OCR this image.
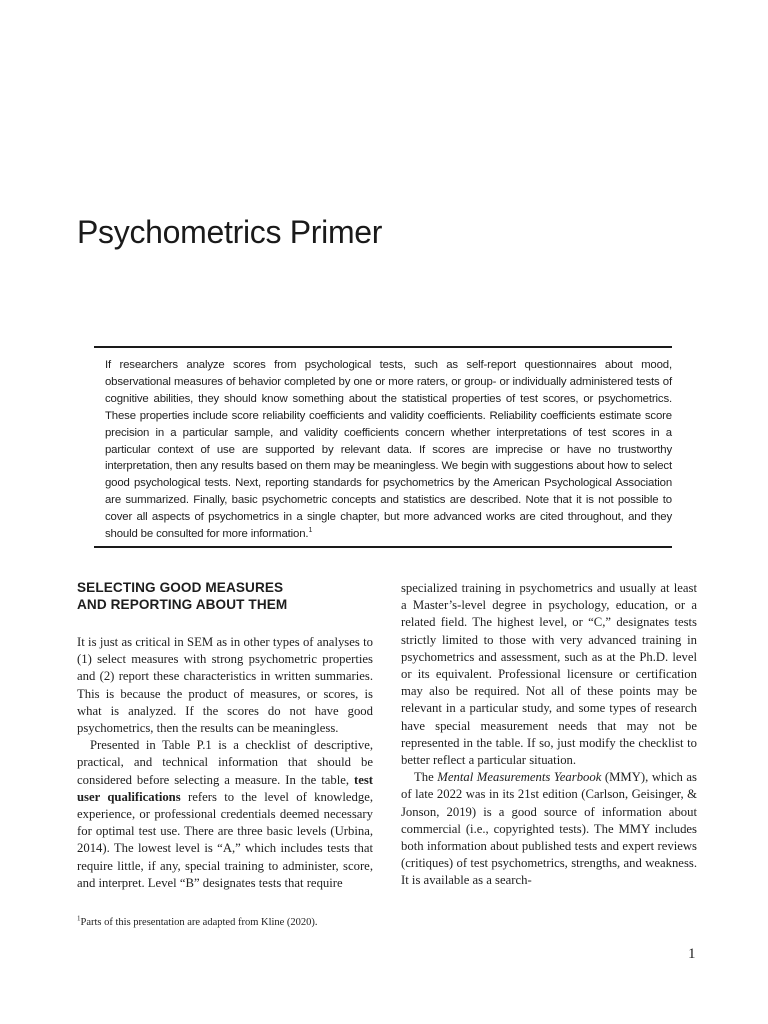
Psychometrics Primer

If researchers analyze scores from psychological tests, such as self-report questionnaires about mood, observational measures of behavior completed by one or more raters, or group- or individually administered tests of cognitive abilities, they should know something about the statistical properties of test scores, or psychometrics. These properties include score reliability coefficients and validity coefficients. Reliability coefficients estimate score precision in a particular sample, and validity coefficients concern whether interpretations of test scores in a particular context of use are supported by relevant data. If scores are imprecise or have no trustworthy interpretation, then any results based on them may be meaningless. We begin with suggestions about how to select good psychological tests. Next, reporting standards for psychometrics by the American Psychological Association are summarized. Finally, basic psychometric concepts and statistics are described. Note that it is not possible to cover all aspects of psychometrics in a single chapter, but more advanced works are cited throughout, and they should be consulted for more information.$^1$

SELECTING GOOD MEASURES
AND REPORTING ABOUT THEM

It is just as critical in SEM as in other types of analyses to (1) select measures with strong psychometric properties and (2) report these characteristics in written summaries. This is because the product of measures, or scores, is what is analyzed. If the scores do not have good psychometrics, then the results can be meaningless.

Presented in Table P.1 is a checklist of descriptive, practical, and technical information that should be considered before selecting a measure. In the table, test user qualifications refers to the level of knowledge, experience, or professional credentials deemed necessary for optimal test use. There are three basic levels (Urbina, 2014). The lowest level is “A,” which includes tests that require little, if any, special training to administer, score, and interpret. Level “B” designates tests that require

specialized training in psychometrics and usually at least a Master’s-level degree in psychology, education, or a related field. The highest level, or “C,” designates tests strictly limited to those with very advanced training in psychometrics and assessment, such as at the Ph.D. level or its equivalent. Professional licensure or certification may also be required. Not all of these points may be relevant in a particular study, and some types of research have special measurement needs that may not be represented in the table. If so, just modify the checklist to better reflect a particular situation.

The Mental Measurements Yearbook (MMY), which as of late 2022 was in its 21st edition (Carlson, Geisinger, & Jonson, 2019) is a good source of information about commercial (i.e., copyrighted tests). The MMY includes both information about published tests and expert reviews (critiques) of test psychometrics, strengths, and weakness. It is available as a search-

$^1$Parts of this presentation are adapted from Kline (2020).

1
